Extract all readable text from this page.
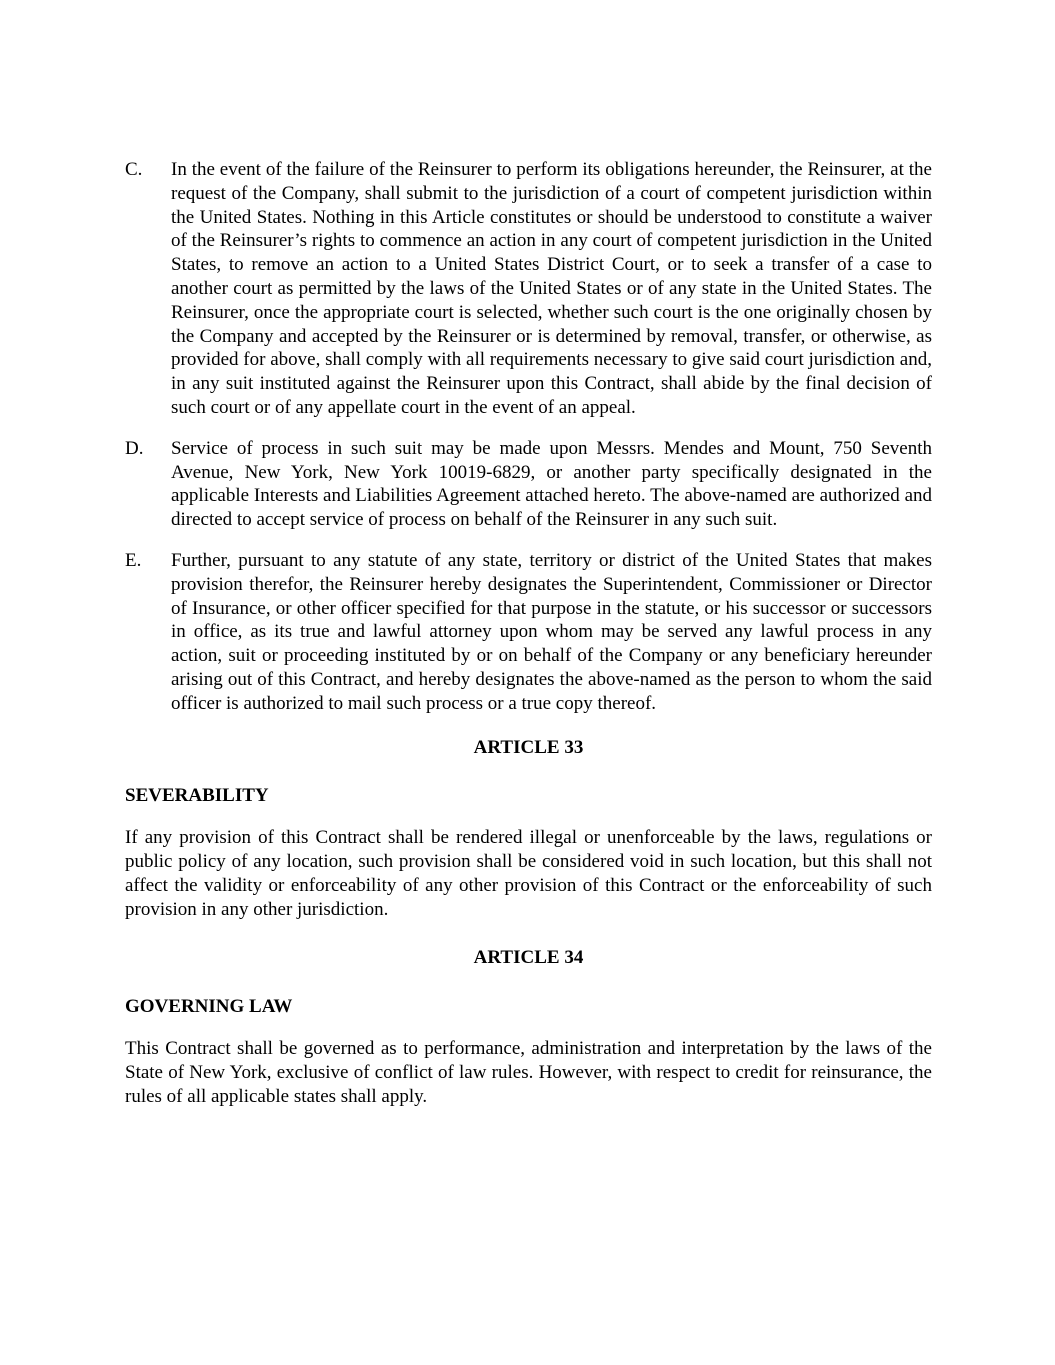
C. In the event of the failure of the Reinsurer to perform its obligations hereunder, the Reinsurer, at the request of the Company, shall submit to the jurisdiction of a court of competent jurisdiction within the United States. Nothing in this Article constitutes or should be understood to constitute a waiver of the Reinsurer’s rights to commence an action in any court of competent jurisdiction in the United States, to remove an action to a United States District Court, or to seek a transfer of a case to another court as permitted by the laws of the United States or of any state in the United States. The Reinsurer, once the appropriate court is selected, whether such court is the one originally chosen by the Company and accepted by the Reinsurer or is determined by removal, transfer, or otherwise, as provided for above, shall comply with all requirements necessary to give said court jurisdiction and, in any suit instituted against the Reinsurer upon this Contract, shall abide by the final decision of such court or of any appellate court in the event of an appeal.
D. Service of process in such suit may be made upon Messrs. Mendes and Mount, 750 Seventh Avenue, New York, New York 10019-6829, or another party specifically designated in the applicable Interests and Liabilities Agreement attached hereto. The above-named are authorized and directed to accept service of process on behalf of the Reinsurer in any such suit.
E. Further, pursuant to any statute of any state, territory or district of the United States that makes provision therefor, the Reinsurer hereby designates the Superintendent, Commissioner or Director of Insurance, or other officer specified for that purpose in the statute, or his successor or successors in office, as its true and lawful attorney upon whom may be served any lawful process in any action, suit or proceeding instituted by or on behalf of the Company or any beneficiary hereunder arising out of this Contract, and hereby designates the above-named as the person to whom the said officer is authorized to mail such process or a true copy thereof.
ARTICLE 33
SEVERABILITY
If any provision of this Contract shall be rendered illegal or unenforceable by the laws, regulations or public policy of any location, such provision shall be considered void in such location, but this shall not affect the validity or enforceability of any other provision of this Contract or the enforceability of such provision in any other jurisdiction.
ARTICLE 34
GOVERNING LAW
This Contract shall be governed as to performance, administration and interpretation by the laws of the State of New York, exclusive of conflict of law rules. However, with respect to credit for reinsurance, the rules of all applicable states shall apply.
